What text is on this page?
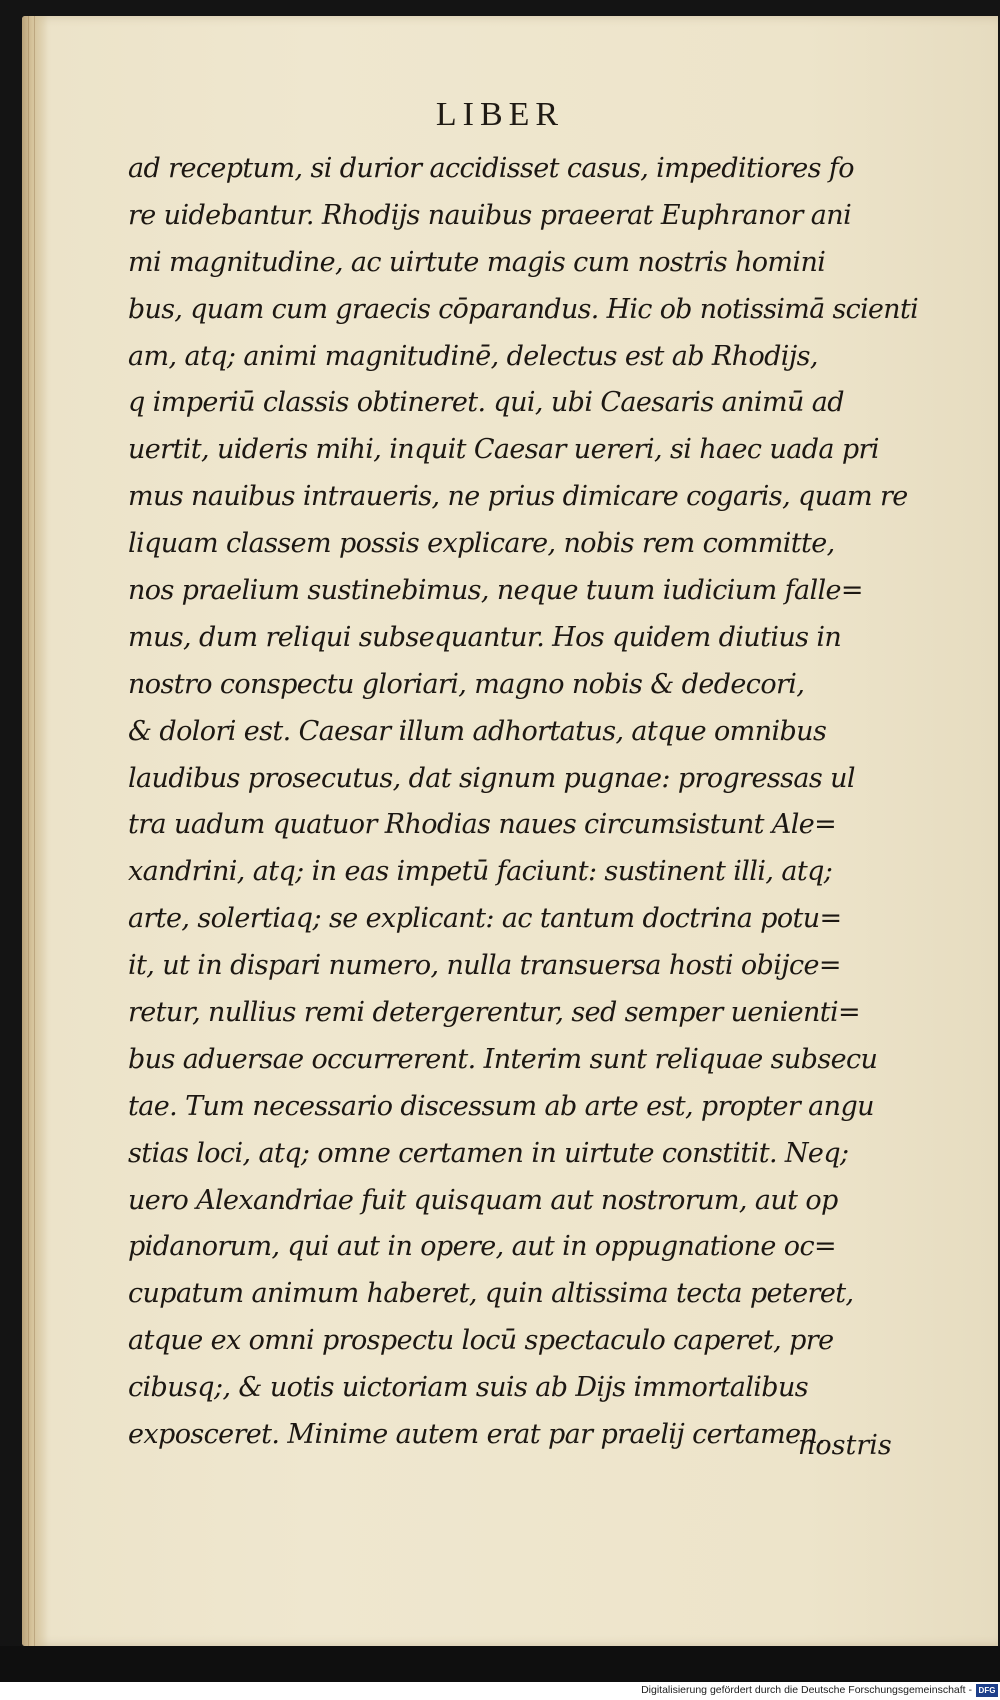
LIBER
ad receptum, si durior accidisset casus, impeditiores fo
re uidebantur. Rhodijs nauibus praeerat Euphranor ani
mi magnitudine, ac uirtute magis cum nostris homini
bus, quam cum graecis cōparandus. Hic ob notissimā scienti
am, atq; animi magnitudinē, delectus est ab Rhodijs,
q imperiū classis obtineret. qui, ubi Caesaris animū ad
uertit, uideris mihi, inquit Caesar uereri, si haec uada pri
mus nauibus intraueris, ne prius dimicare cogaris, quam re
liquam classem possis explicare, nobis rem committe,
nos praelium sustinebimus, neque tuum iudicium falle=
mus, dum reliqui subsequantur. Hos quidem diutius in
nostro conspectu gloriari, magno nobis & dedecori,
& dolori est. Caesar illum adhortatus, atque omnibus
laudibus prosecutus, dat signum pugnae: progressas ul
tra uadum quatuor Rhodias naues circumsistunt Ale=
xandrini, atq; in eas impetū faciunt: sustinent illi, atq;
arte, solertiaq; se explicant: ac tantum doctrina potu=
it, ut in dispari numero, nulla transuersa hosti obijce=
retur, nullius remi detergerentur, sed semper uenienti=
bus aduersae occurrerent. Interim sunt reliquae subsecu
tae. Tum necessario discessum ab arte est, propter angu
stias loci, atq; omne certamen in uirtute constitit. Neq;
uero Alexandriae fuit quisquam aut nostrorum, aut op
pidanorum, qui aut in opere, aut in oppugnatione oc=
cupatum animum haberet, quin altissima tecta peteret,
atque ex omni prospectu locū spectaculo caperet, pre
cibusq;, & uotis uictoriam suis ab Dijs immortalibus
exposceret. Minime autem erat par praelij certamen.
nostris
Digitalisierung gefördert durch die Deutsche Forschungsgemeinschaft - DFG
